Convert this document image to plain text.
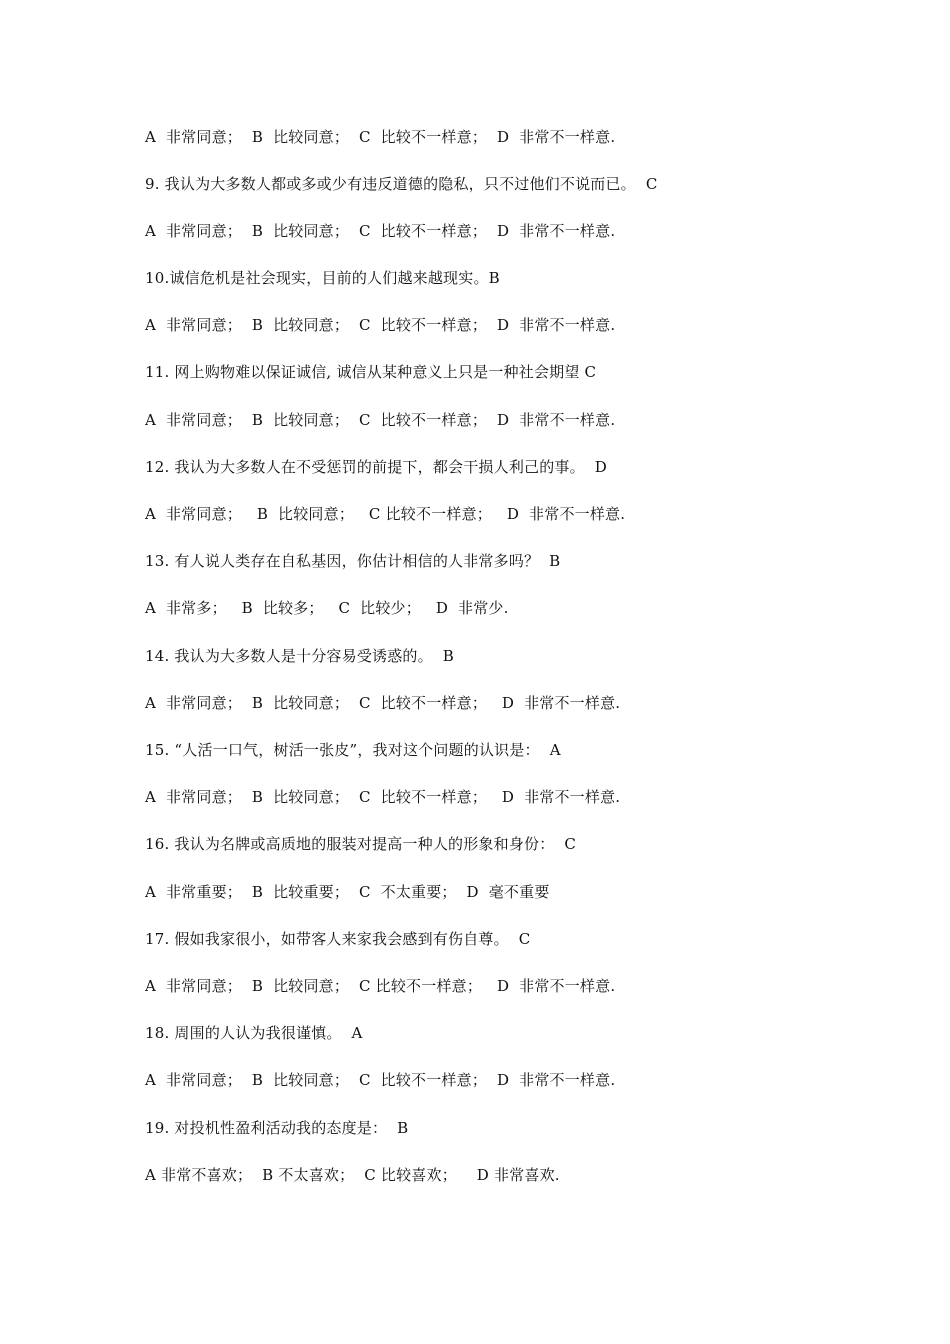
A  非常同意；  B  比较同意；  C  比较不一样意；  D  非常不一样意.
9. 我认为大多数人都或多或少有违反道德的隐私，只不过他们不说而已。  C
A  非常同意；  B  比较同意；  C  比较不一样意；  D  非常不一样意.
10.诚信危机是社会现实，目前的人们越来越现实。B
A  非常同意；  B  比较同意；  C  比较不一样意；  D  非常不一样意.
11. 网上购物难以保证诚信, 诚信从某种意义上只是一种社会期望 C
A  非常同意；  B  比较同意；  C  比较不一样意；  D  非常不一样意.
12. 我认为大多数人在不受惩罚的前提下，都会干损人利己的事。  D
A  非常同意；   B  比较同意；   C 比较不一样意；   D  非常不一样意.
13. 有人说人类存在自私基因，你估计相信的人非常多吗？  B
A  非常多；   B  比较多；   C  比较少；   D  非常少.
14. 我认为大多数人是十分容易受诱惑的。  B
A  非常同意；  B  比较同意；  C  比较不一样意；   D  非常不一样意.
15. “人活一口气，树活一张皮”，我对这个问题的认识是：  A
A  非常同意；  B  比较同意；  C  比较不一样意；   D  非常不一样意.
16. 我认为名牌或高质地的服装对提高一种人的形象和身份：  C
A  非常重要；  B  比较重要；  C  不太重要；  D  毫不重要
17. 假如我家很小，如带客人来家我会感到有伤自尊。  C
A  非常同意；  B  比较同意；  C 比较不一样意；   D  非常不一样意.
18. 周围的人认为我很谨慎。  A
A  非常同意；  B  比较同意；  C  比较不一样意；  D  非常不一样意.
19. 对投机性盈利活动我的态度是：  B
A 非常不喜欢；  B 不太喜欢；  C 比较喜欢；    D 非常喜欢.
